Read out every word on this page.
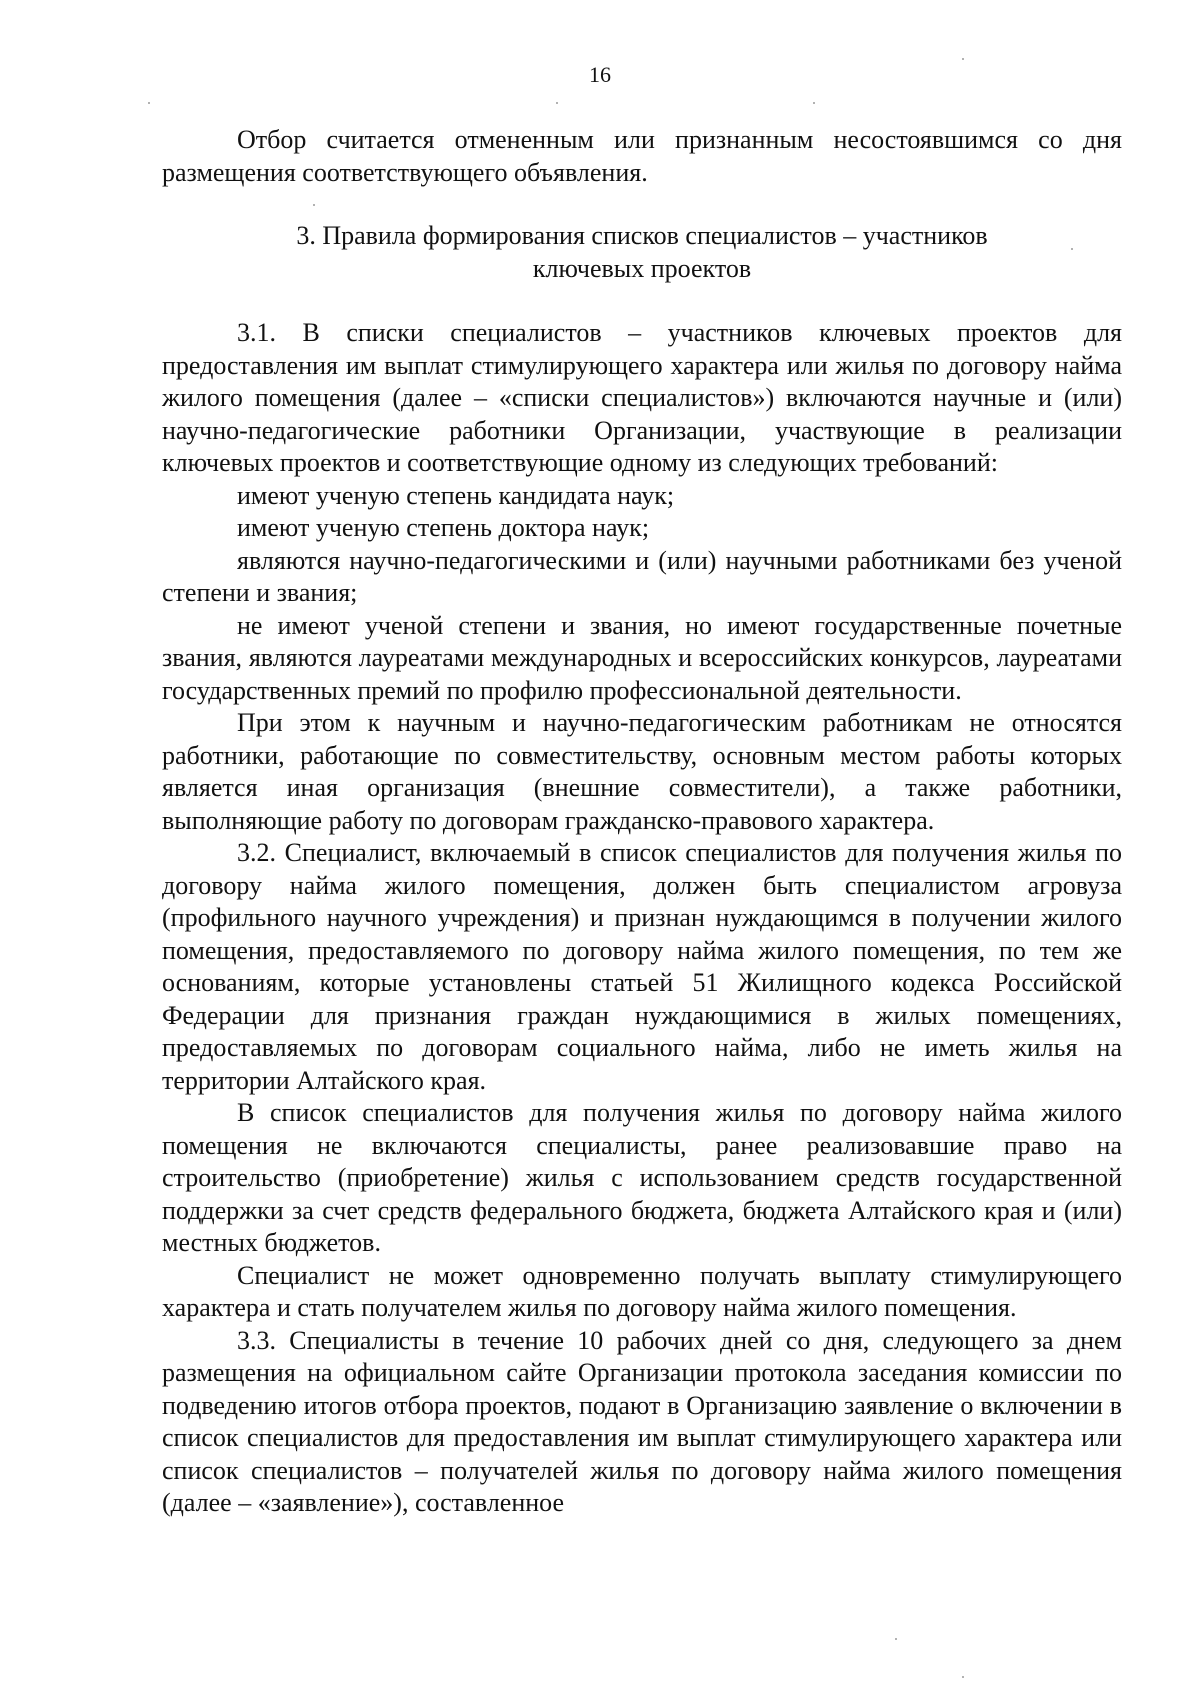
16

Отбор считается отмененным или признанным несостоявшимся со дня размещения соответствующего объявления.

3. Правила формирования списков специалистов – участников
ключевых проектов

3.1. В списки специалистов – участников ключевых проектов для предоставления им выплат стимулирующего характера или жилья по договору найма жилого помещения (далее – «списки специалистов») включаются научные и (или) научно-педагогические работники Организации, участвующие в реализации ключевых проектов и соответствующие одному из следующих требований:

имеют ученую степень кандидата наук;

имеют ученую степень доктора наук;

являются научно-педагогическими и (или) научными работниками без ученой степени и звания;

не имеют ученой степени и звания, но имеют государственные почетные звания, являются лауреатами международных и всероссийских конкурсов, лауреатами государственных премий по профилю профессиональной деятельности.

При этом к научным и научно-педагогическим работникам не относятся работники, работающие по совместительству, основным местом работы которых является иная организация (внешние совместители), а также работники, выполняющие работу по договорам гражданско-правового характера.

3.2. Специалист, включаемый в список специалистов для получения жилья по договору найма жилого помещения, должен быть специалистом агровуза (профильного научного учреждения) и признан нуждающимся в получении жилого помещения, предоставляемого по договору найма жилого помещения, по тем же основаниям, которые установлены статьей 51 Жилищного кодекса Российской Федерации для признания граждан нуждающимися в жилых помещениях, предоставляемых по договорам социального найма, либо не иметь жилья на территории Алтайского края.

В список специалистов для получения жилья по договору найма жилого помещения не включаются специалисты, ранее реализовавшие право на строительство (приобретение) жилья с использованием средств государственной поддержки за счет средств федерального бюджета, бюджета Алтайского края и (или) местных бюджетов.

Специалист не может одновременно получать выплату стимулирующего характера и стать получателем жилья по договору найма жилого помещения.

3.3. Специалисты в течение 10 рабочих дней со дня, следующего за днем размещения на официальном сайте Организации протокола заседания комиссии по подведению итогов отбора проектов, подают в Организацию заявление о включении в список специалистов для предоставления им выплат стимулирующего характера или список специалистов – получателей жилья по договору найма жилого помещения (далее – «заявление»), составленное
